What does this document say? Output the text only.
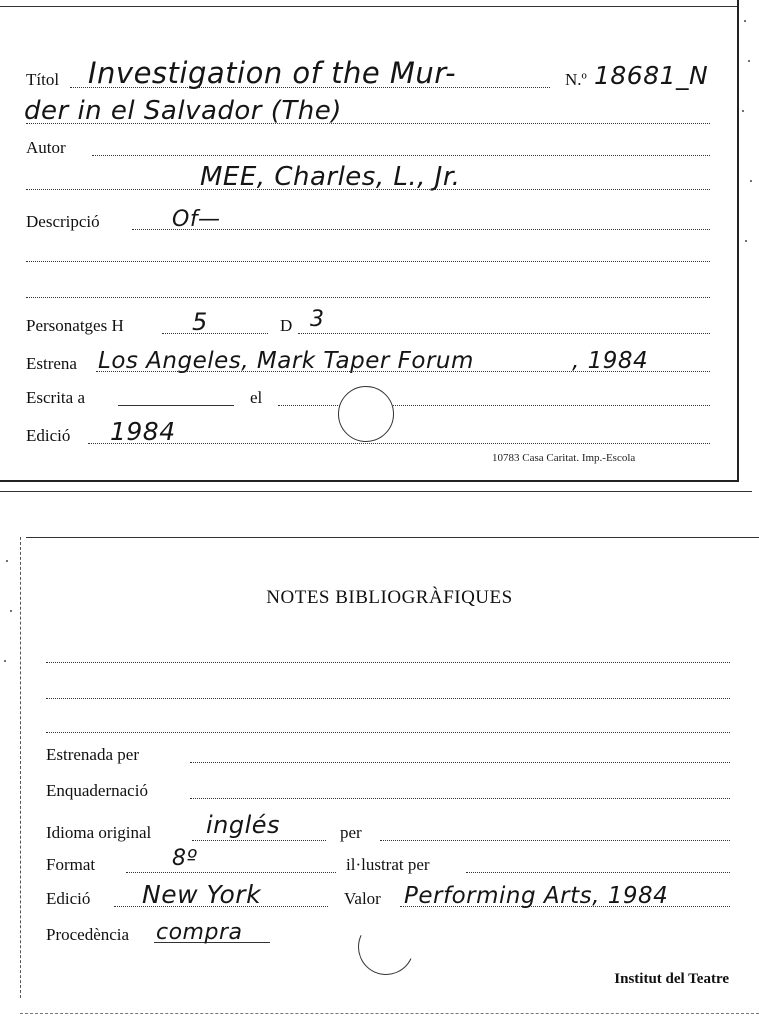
Títol Investigation of the Mur-	N.º 18681_N
der in el Salvador (The)
Autor
MEE, Charles, L., Jr.
Descripció	Of—
Personatges H	5	D 3
Estrena Los Angeles, Mark Taper Forum	, 1984
Escrita a	el
Edició 1984
10783 Casa Caritat. Imp.-Escola
NOTES BIBLIOGRÀFIQUES
Estrenada per
Enquadernació
Idioma original inglés	per
Format	8º	il·lustrat per
Edició New York	Valor Performing Arts, 1984
Procedència compra
Institut del Teatre
